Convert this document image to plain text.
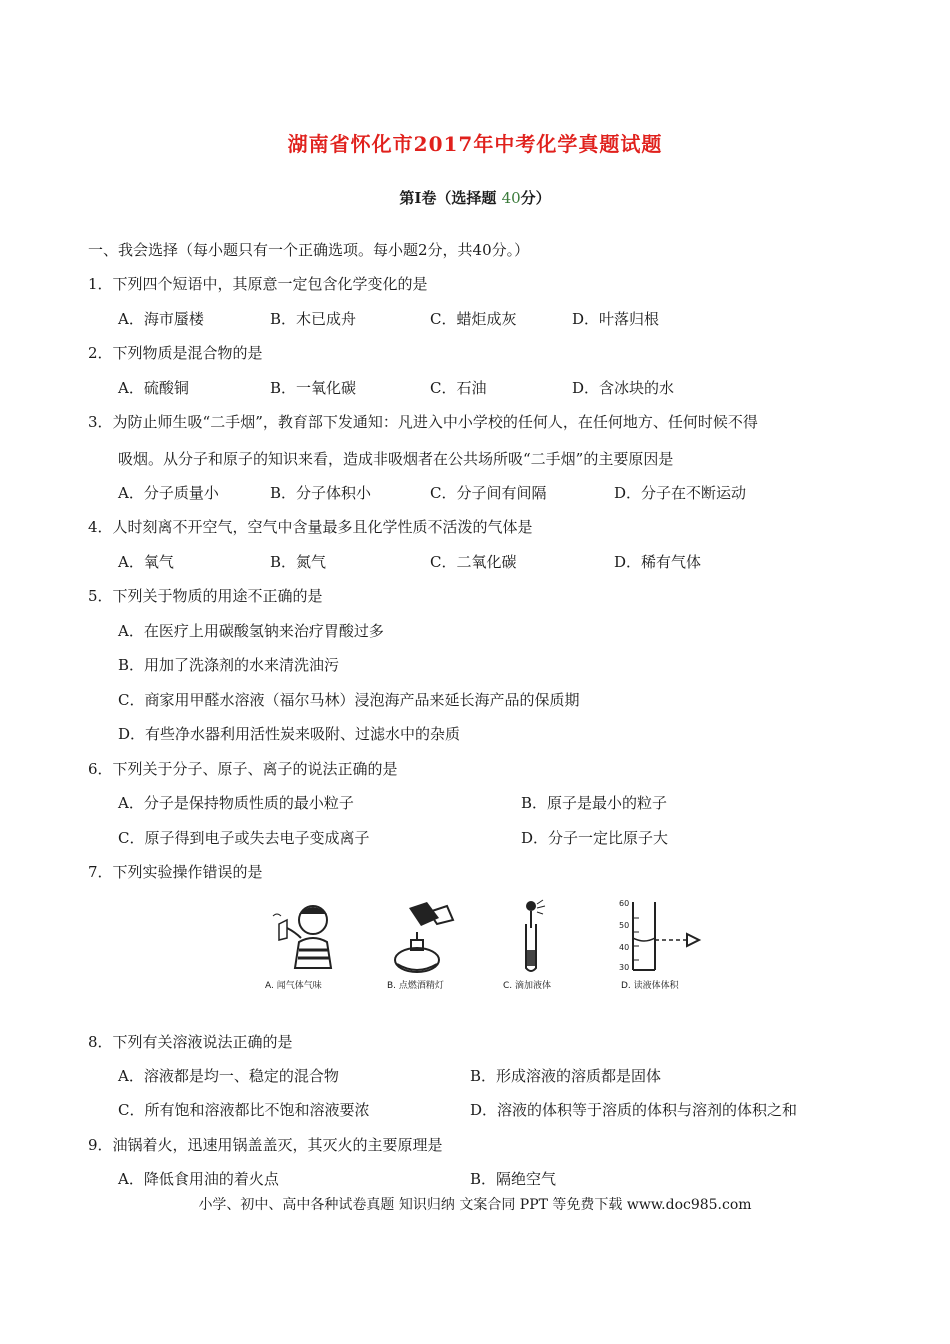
湖南省怀化市2017年中考化学真题试题
第Ⅰ卷（选择题 40分）
一、我会选择（每小题只有一个正确选项。每小题2分，共40分。）
1．下列四个短语中，其原意一定包含化学变化的是
A．海市蜃楼	B．木已成舟	C．蜡炬成灰	D．叶落归根
2．下列物质是混合物的是
A．硫酸铜	B．一氧化碳	C．石油	D．含冰块的水
3．为防止师生吸“二手烟”，教育部下发通知：凡进入中小学校的任何人，在任何地方、任何时候不得
吸烟。从分子和原子的知识来看，造成非吸烟者在公共场所吸“二手烟”的主要原因是
A．分子质量小	B．分子体积小	C．分子间有间隔	D．分子在不断运动
4．人时刻离不开空气，空气中含量最多且化学性质不活泼的气体是
A．氧气	B．氮气	C．二氧化碳	D．稀有气体
5．下列关于物质的用途不正确的是
A．在医疗上用碳酸氢钠来治疗胃酸过多
B．用加了洗涤剂的水来清洗油污
C．商家用甲醛水溶液（福尔马林）浸泡海产品来延长海产品的保质期
D．有些净水器利用活性炭来吸附、过滤水中的杂质
6．下列关于分子、原子、离子的说法正确的是
A．分子是保持物质性质的最小粒子	B．原子是最小的粒子
C．原子得到电子或失去电子变成离子	D．分子一定比原子大
7．下列实验操作错误的是
A. 闻气体气味	B. 点燃酒精灯	C. 滴加液体
60
50
40
30
D. 读液体体积
8．下列有关溶液说法正确的是
A．溶液都是均一、稳定的混合物	B．形成溶液的溶质都是固体
C．所有饱和溶液都比不饱和溶液要浓	D．溶液的体积等于溶质的体积与溶剂的体积之和
9．油锅着火，迅速用锅盖盖灭，其灭火的主要原理是
A．降低食用油的着火点	B．隔绝空气
小学、初中、高中各种试卷真题 知识归纳 文案合同 PPT 等免费下载 www.doc985.com
